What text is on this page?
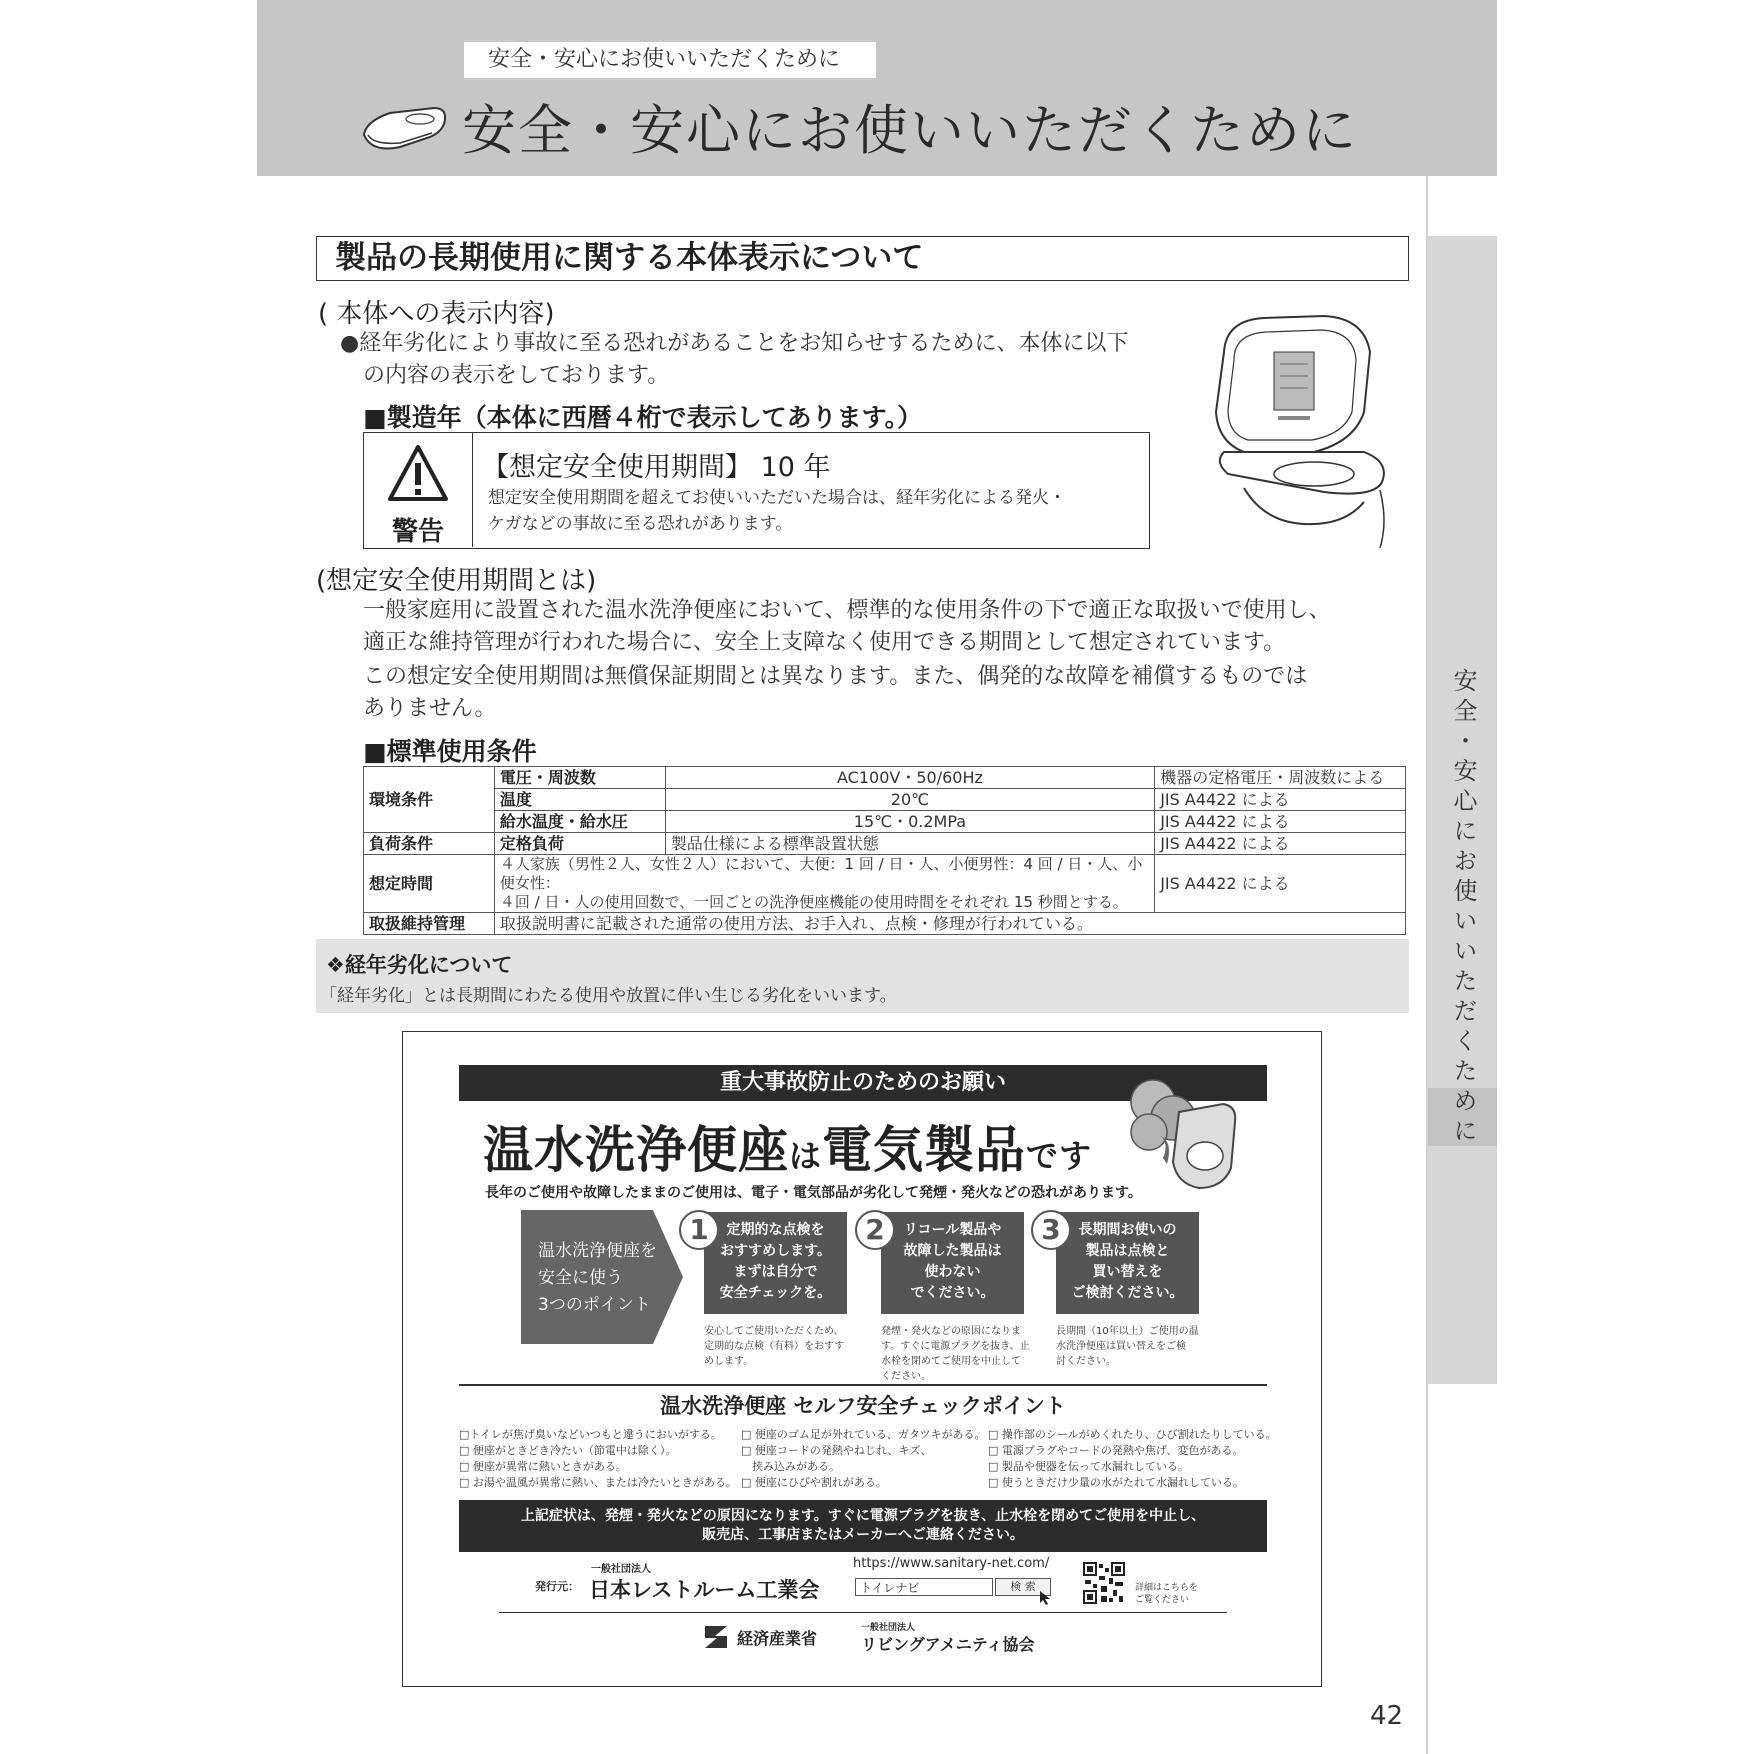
安全・安心にお使いいただくために
安全・安心にお使いいただくために
安全・安心にお使いいただくために
製品の長期使用に関する本体表示について
( 本体への表示内容)
●経年劣化により事故に至る恐れがあることをお知らせするために、本体に以下
の内容の表示をしております。
■製造年（本体に西暦４桁で表示してあります。）
警告
【想定安全使用期間】 10 年
想定安全使用期間を超えてお使いいただいた場合は、経年劣化による発火・
ケガなどの事故に至る恐れがあります。
(想定安全使用期間とは)
一般家庭用に設置された温水洗浄便座において、標準的な使用条件の下で適正な取扱いで使用し、
適正な維持管理が行われた場合に、安全上支障なく使用できる期間として想定されています。
この想定安全使用期間は無償保証期間とは異なります。また、偶発的な故障を補償するものでは
ありません。
■標準使用条件
環境条件	電圧・周波数	AC100V・50/60Hz	機器の定格電圧・周波数による
	温度	20℃	JIS A4422 による
	給水温度・給水圧	15℃・0.2MPa	JIS A4422 による
負荷条件	定格負荷	製品仕様による標準設置状態	JIS A4422 による
想定時間	４人家族（男性２人、女性２人）において、大便：1 回 / 日・人、小便男性：4 回 / 日・人、小便女性：
４回 / 日・人の使用回数で、一回ごとの洗浄便座機能の使用時間をそれぞれ 15 秒間とする。		JIS A4422 による
取扱維持管理	取扱説明書に記載された通常の使用方法、お手入れ、点検・修理が行われている。		
❖経年劣化について
「経年劣化」とは長期間にわたる使用や放置に伴い生じる劣化をいいます。
重大事故防止のためのお願い
温水洗浄便座は電気製品です
長年のご使用や故障したままのご使用は、電子・電気部品が劣化して発煙・発火などの恐れがあります。
温水洗浄便座を
安全に使う
3つのポイント
定期的な点検を
おすすめします。
まずは自分で
安全チェックを。
1
安心してご使用いただくため、
定期的な点検（有料）をおすす
めします。
リコール製品や
故障した製品は
使わない
でください。
2
発煙・発火などの原因になりま
す。すぐに電源プラグを抜き、止
水栓を閉めてご使用を中止して
ください。
長期間お使いの
製品は点検と
買い替えを
ご検討ください。
3
長期間（10年以上）ご使用の温
水洗浄便座は買い替えをご検
討ください。
温水洗浄便座 セルフ安全チェックポイント
□トイレが焦げ臭いなどいつもと違うにおいがする。
□ 便座がときどき冷たい（節電中は除く）。
□ 便座が異常に熱いときがある。
□ お湯や温風が異常に熱い、または冷たいときがある。
□ 便座のゴム足が外れている、ガタツキがある。
□ 便座コードの発熱やねじれ、キズ、
　挟み込みがある。
□ 便座にひびや割れがある。
□ 操作部のシールがめくれたり、ひび割れたりしている。
□ 電源プラグやコードの発熱や焦げ、変色がある。
□ 製品や便器を伝って水漏れしている。
□ 使うときだけ少量の水がたれて水漏れしている。
上記症状は、発煙・発火などの原因になります。すぐに電源プラグを抜き、止水栓を閉めてご使用を中止し、
販売店、工事店またはメーカーへご連絡ください。
発行元：
一般社団法人
日本レストルーム工業会
https://www.sanitary-net.com/
トイレナビ	検 索	詳細はこちらを
ご覧ください
経済産業省
一般社団法人
リビングアメニティ協会
42
